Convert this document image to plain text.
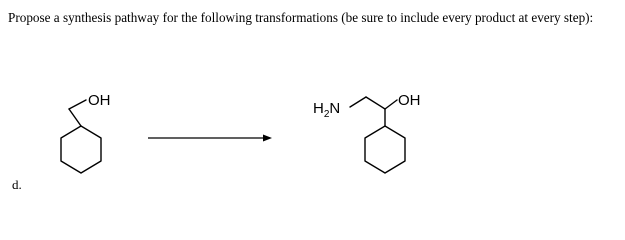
Propose a synthesis pathway for the following transformations (be sure to include every product at every step):

d.
OH	$H_2N$	OH
